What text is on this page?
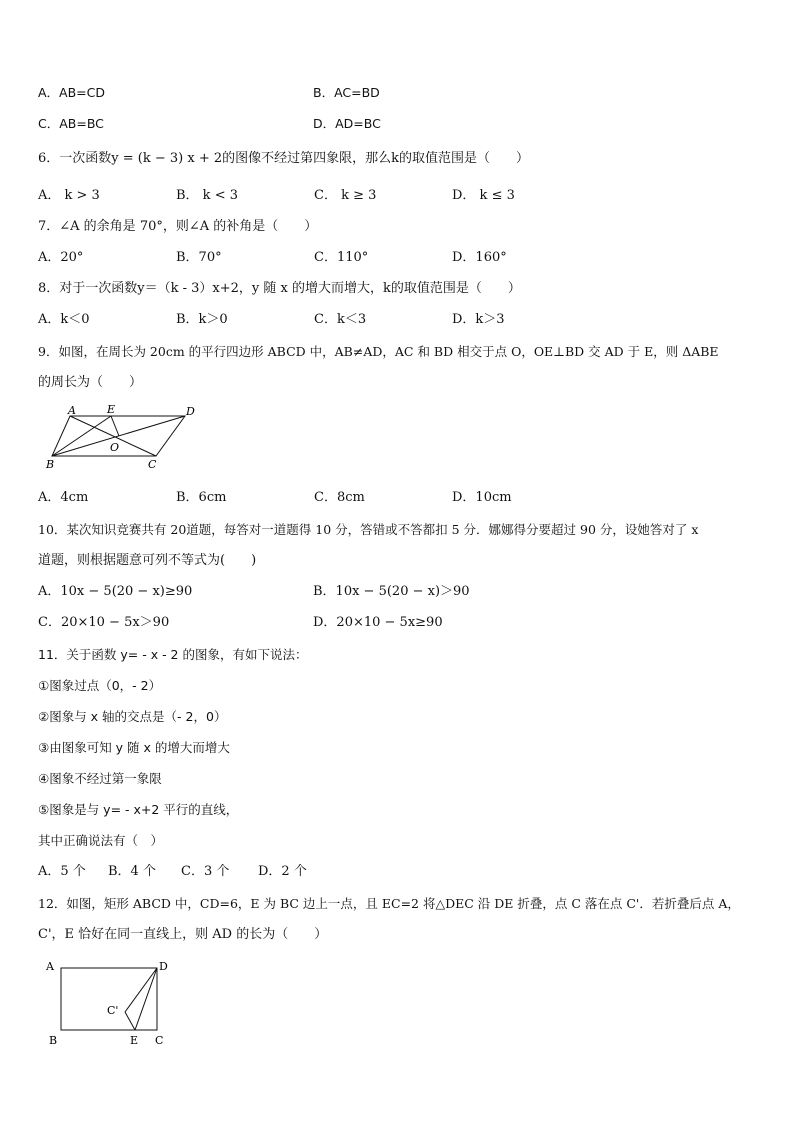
A．AB=CD	B．AC=BD
C．AB=BC	D．AD=BC
6．一次函数y = (k − 3) x + 2的图像不经过第四象限，那么k的取值范围是（　　）
A． k > 3	B． k < 3	C． k ≥ 3	D． k ≤ 3
7．∠A 的余角是 70°，则∠A 的补角是（　　）
A．20°	B．70°	C．110°	D．160°
8．对于一次函数y＝（k - 3）x+2，y 随 x 的增大而增大，k的取值范围是（　　）
A．k＜0	B．k＞0	C．k＜3	D．k＞3
9．如图，在周长为 20cm 的平行四边形 ABCD 中，AB≠AD，AC 和 BD 相交于点 O，OE⊥BD 交 AD 于 E，则 ΔABE
的周长为（　　）
A	E	D
O
B	C
A．4cm	B．6cm	C．8cm	D．10cm
10．某次知识竞赛共有 20道题，每答对一道题得 10 分，答错或不答都扣 5 分．娜娜得分要超过 90 分，设她答对了 x
道题，则根据题意可列不等式为(　　)
A．10x − 5(20 − x)≥90	B．10x − 5(20 − x)＞90
C．20×10 − 5x＞90	D．20×10 − 5x≥90
11．关于函数 y= - x - 2 的图象，有如下说法：
①图象过点（0，- 2）
②图象与 x 轴的交点是（- 2，0）
③由图象可知 y 随 x 的增大而增大
④图象不经过第一象限
⑤图象是与 y= - x+2 平行的直线，
其中正确说法有（　）
A．5 个 B．4 个 C．3 个 D．2 个
12．如图，矩形 ABCD 中，CD=6，E 为 BC 边上一点，且 EC=2 将△DEC 沿 DE 折叠，点 C 落在点 C'．若折叠后点 A，
C'，E 恰好在同一直线上，则 AD 的长为（　　）
A	D
C'
B	E C
